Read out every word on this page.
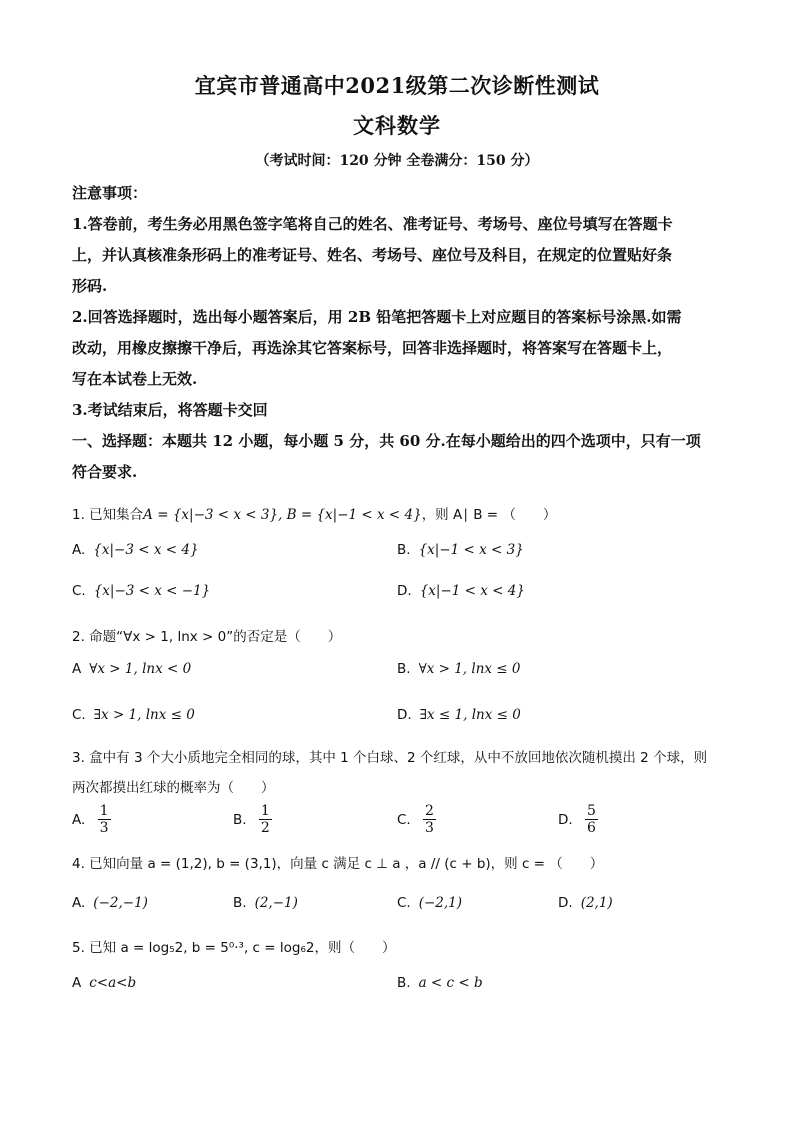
宜宾市普通高中2021级第二次诊断性测试
文科数学
（考试时间：120 分钟 全卷满分：150 分）
注意事项：
1.答卷前，考生务必用黑色签字笔将自己的姓名、准考证号、考场号、座位号填写在答题卡
上，并认真核准条形码上的准考证号、姓名、考场号、座位号及科目，在规定的位置贴好条
形码.
2.回答选择题时，选出每小题答案后，用 2B 铅笔把答题卡上对应题目的答案标号涂黑.如需
改动，用橡皮擦擦干净后，再选涂其它答案标号，回答非选择题时，将答案写在答题卡上，
写在本试卷上无效.
3.考试结束后，将答题卡交回
一、选择题：本题共 12 小题，每小题 5 分，共 60 分.在每小题给出的四个选项中，只有一项
符合要求.
1. 已知集合A = {x|−3 < x < 3}, B = {x|−1 < x < 4}，则 A∣ B = （　　）
A. {x|−3 < x < 4}	B. {x|−1 < x < 3}
C. {x|−3 < x < −1}	D. {x|−1 < x < 4}
2. 命题“∀x > 1, lnx > 0”的否定是（　　）
A ∀x > 1, lnx < 0	B. ∀x > 1, lnx ≤ 0
C. ∃x > 1, lnx ≤ 0	D. ∃x ≤ 1, lnx ≤ 0
3. 盒中有 3 个大小质地完全相同的球，其中 1 个白球、2 个红球，从中不放回地依次随机摸出 2 个球，则
两次都摸出红球的概率为（　　）
A. $\frac{1}{3}$	B. $\frac{1}{2}$	C. $\frac{2}{3}$	D. $\frac{5}{6}$
4. 已知向量 a = (1,2), b = (3,1)，向量 c 满足 c ⊥ a ，a // (c + b)，则 c = （　　）
A. (−2,−1)	B. (2,−1)	C. (−2,1)	D. (2,1)
5. 已知 a = log₅2, b = 5⁰·³, c = log₆2，则（　　）
A c<a<b	B. a < c < b
